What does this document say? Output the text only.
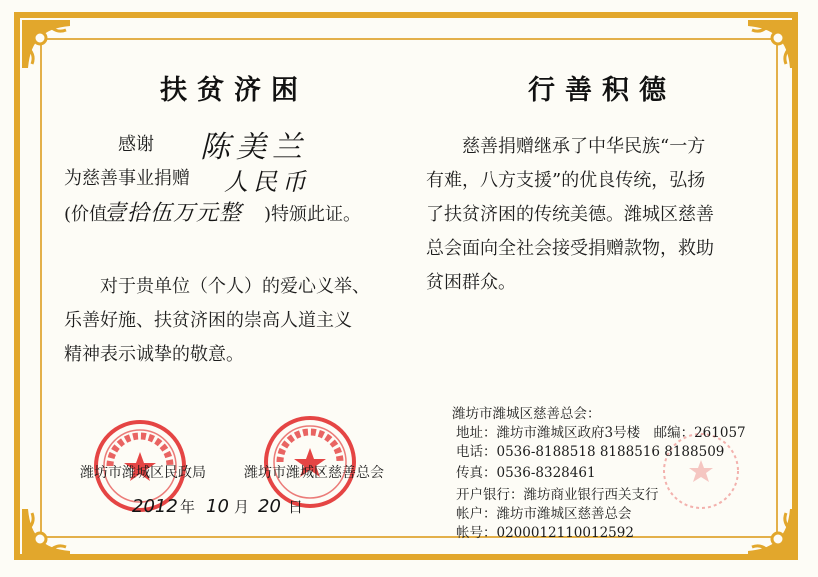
扶贫济困
感谢 陈美兰
为慈善事业捐赠 人民币
(价值
壹拾伍万元整 )特颁此证。
对于贵单位（个人）的爱心义举、
乐善好施、扶贫济困的崇高人道主义
精神表示诚挚的敬意。
潍坊市潍城区民政局	潍坊市潍城区慈善总会
2012 年 10 月 20 日
行善积德
慈善捐赠继承了中华民族“一方
有难，八方支援”的优良传统，弘扬
了扶贫济困的传统美德。潍城区慈善
总会面向全社会接受捐赠款物，救助
贫困群众。
潍坊市潍城区慈善总会：
地址：潍坊市潍城区政府3号楼　邮编：261057
电话：0536-8188518 8188516 8188509
传真：0536-8328461
开户银行：潍坊商业银行西关支行
帐户：潍坊市潍城区慈善总会
帐号：0200012110012592
